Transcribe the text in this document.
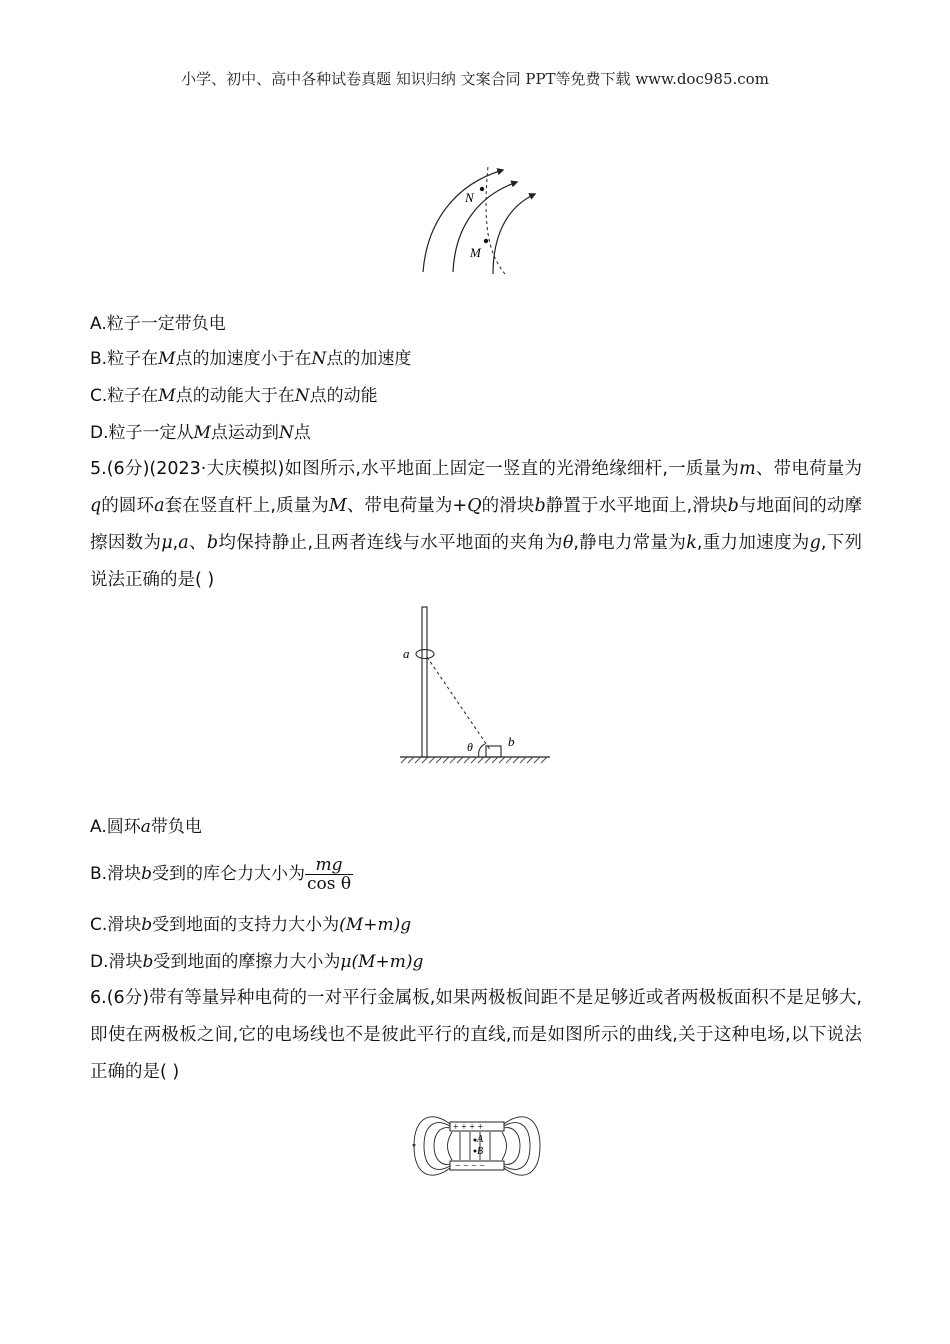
小学、初中、高中各种试卷真题 知识归纳 文案合同 PPT等免费下载 www.doc985.com
N
M
A.粒子一定带负电
B.粒子在M点的加速度小于在N点的加速度
C.粒子在M点的动能大于在N点的动能
D.粒子一定从M点运动到N点
5.(6分)(2023·大庆模拟)如图所示,水平地面上固定一竖直的光滑绝缘细杆,一质量为m、带电荷量为q的圆环a套在竖直杆上,质量为M、带电荷量为+Q的滑块b静置于水平地面上,滑块b与地面间的动摩擦因数为μ,a、b均保持静止,且两者连线与水平地面的夹角为θ,静电力常量为k,重力加速度为g,下列说法正确的是( )
a
b
θ
A.圆环a带负电
B.滑块b受到的库仑力大小为 $\frac{mg}{\text{cos θ}}$
C.滑块b受到地面的支持力大小为(M+m)g
D.滑块b受到地面的摩擦力大小为μ(M+m)g
6.(6分)带有等量异种电荷的一对平行金属板,如果两极板间距不是足够近或者两极板面积不是足够大,即使在两极板之间,它的电场线也不是彼此平行的直线,而是如图所示的曲线,关于这种电场,以下说法正确的是( )
+ + + +
− − − −
A
B
